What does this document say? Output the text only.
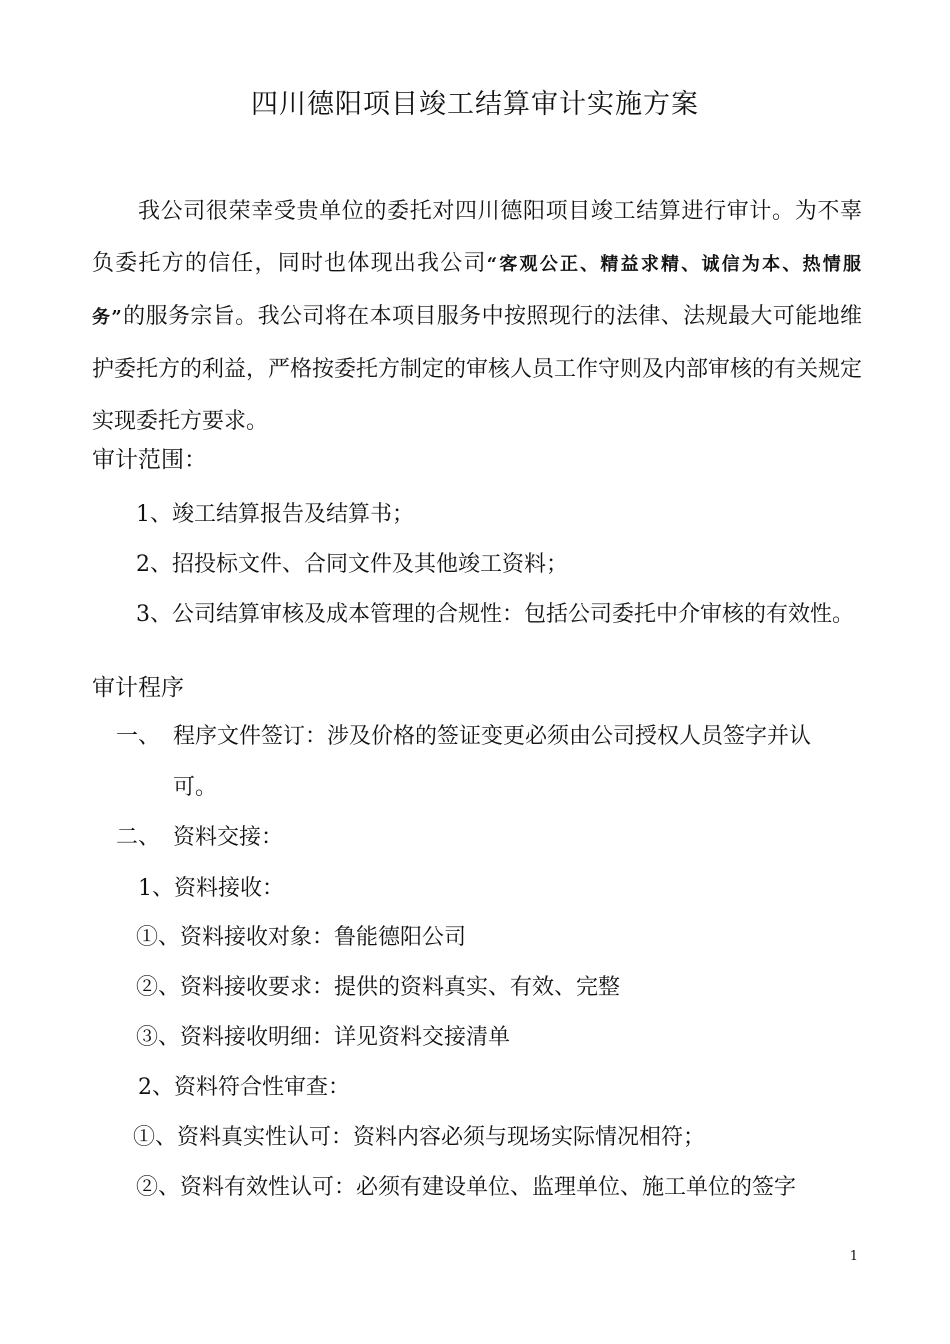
四川德阳项目竣工结算审计实施方案
我公司很荣幸受贵单位的委托对四川德阳项目竣工结算进行审计。为不辜负委托方的信任，同时也体现出我公司“客观公正、精益求精、诚信为本、热情服务”的服务宗旨。我公司将在本项目服务中按照现行的法律、法规最大可能地维护委托方的利益，严格按委托方制定的审核人员工作守则及内部审核的有关规定实现委托方要求。
审计范围：
1、竣工结算报告及结算书；
2、招投标文件、合同文件及其他竣工资料；
3、公司结算审核及成本管理的合规性：包括公司委托中介审核的有效性。
审计程序
一、 程序文件签订：涉及价格的签证变更必须由公司授权人员签字并认
可。
二、 资料交接：
1、资料接收：
①、资料接收对象：鲁能德阳公司
②、资料接收要求：提供的资料真实、有效、完整
③、资料接收明细：详见资料交接清单
2、资料符合性审查：
①、资料真实性认可：资料内容必须与现场实际情况相符；
②、资料有效性认可：必须有建设单位、监理单位、施工单位的签字
1
